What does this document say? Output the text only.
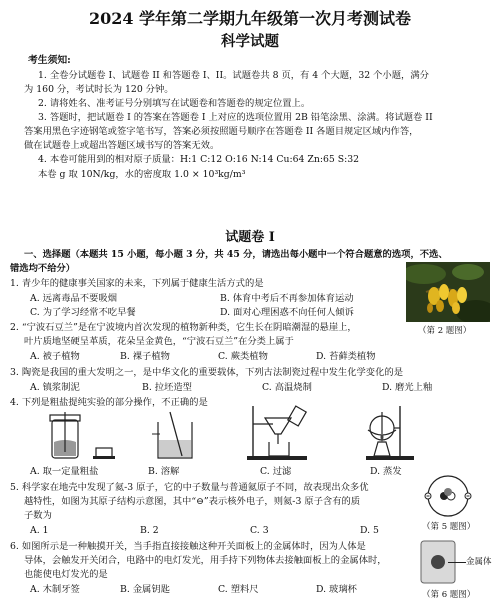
2024 学年第二学期九年级第一次月考测试卷
科学试题
考生须知:
1. 全卷分试题卷 I、试题卷 II 和答题卷 I、II。试题卷共 8 页，有 4 个大题，32 个小题，满分
为 160 分，考试时长为 120 分钟。
2. 请将姓名、准考证号分别填写在试题卷和答题卷的规定位置上。
3. 答题时，把试题卷 I 的答案在答题卷 I 上对应的选项位置用 2B 铅笔涂黑、涂满。将试题卷 II
答案用黑色字迹钢笔或签字笔书写，答案必须按照题号顺序在答题卷 II 各题目规定区域内作答，
做在试题卷上或超出答题区域书写的答案无效。
4. 本卷可能用到的相对原子质量：H:1 C:12 O:16 N:14 Cu:64 Zn:65 S:32
本卷 g 取 10N/kg，水的密度取 1.0 × 10³kg/m³
试题卷 I
一、选择题（本题共 15 小题，每小题 3 分，共 45 分，请选出每小题中一个符合题意的选项，不选、
错选均不给分）
1. 青少年的健康事关国家的未来，下列属于健康生活方式的是
A. 远离毒品不要吸烟	B. 体育中考后不再参加体育运动
C. 为了学习经常不吃早餐	D. 面对心理困惑不向任何人倾诉
2. “宁波石豆兰”是在宁波境内首次发现的植物新种类，它生长在阴暗潮湿的悬崖上，
叶片质地坚硬呈革质，花朵呈金黄色，“宁波石豆兰”在分类上属于
A. 被子植物	B. 裸子植物	C. 蕨类植物	D. 苔藓类植物
（第 2 题图）
3. 陶瓷是我国的重大发明之一，是中华文化的重要载体，下列古法制瓷过程中发生化学变化的是
A. 镇浆制泥	B. 拉坯造型	C. 高温烧制	D. 磨光上釉
4. 下列是粗盐提纯实验的部分操作，不正确的是
A. 取一定量粗盐	B. 溶解	C. 过滤	D. 蒸发
5. 科学家在地壳中发现了氦-3 原子，它的中子数量与普通氦原子不同，故表现出众多优
越特性，如图为其原子结构示意图，其中“⊖”表示核外电子，则氦-3 原子含有的质
子数为
A. 1	B. 2	C. 3	D. 5	（第 5 题图）
6. 如图所示是一种触摸开关，当手指直接接触这种开关面板上的金属体时，因为人体是
导体，会触发开关闭合，电路中的电灯发光，用手持下列物体去接触面板上的金属体时，
也能使电灯发光的是
A. 木制牙签	B. 金属钥匙	C. 塑料尺	D. 玻璃杯
金属体
（第 6 题图）
